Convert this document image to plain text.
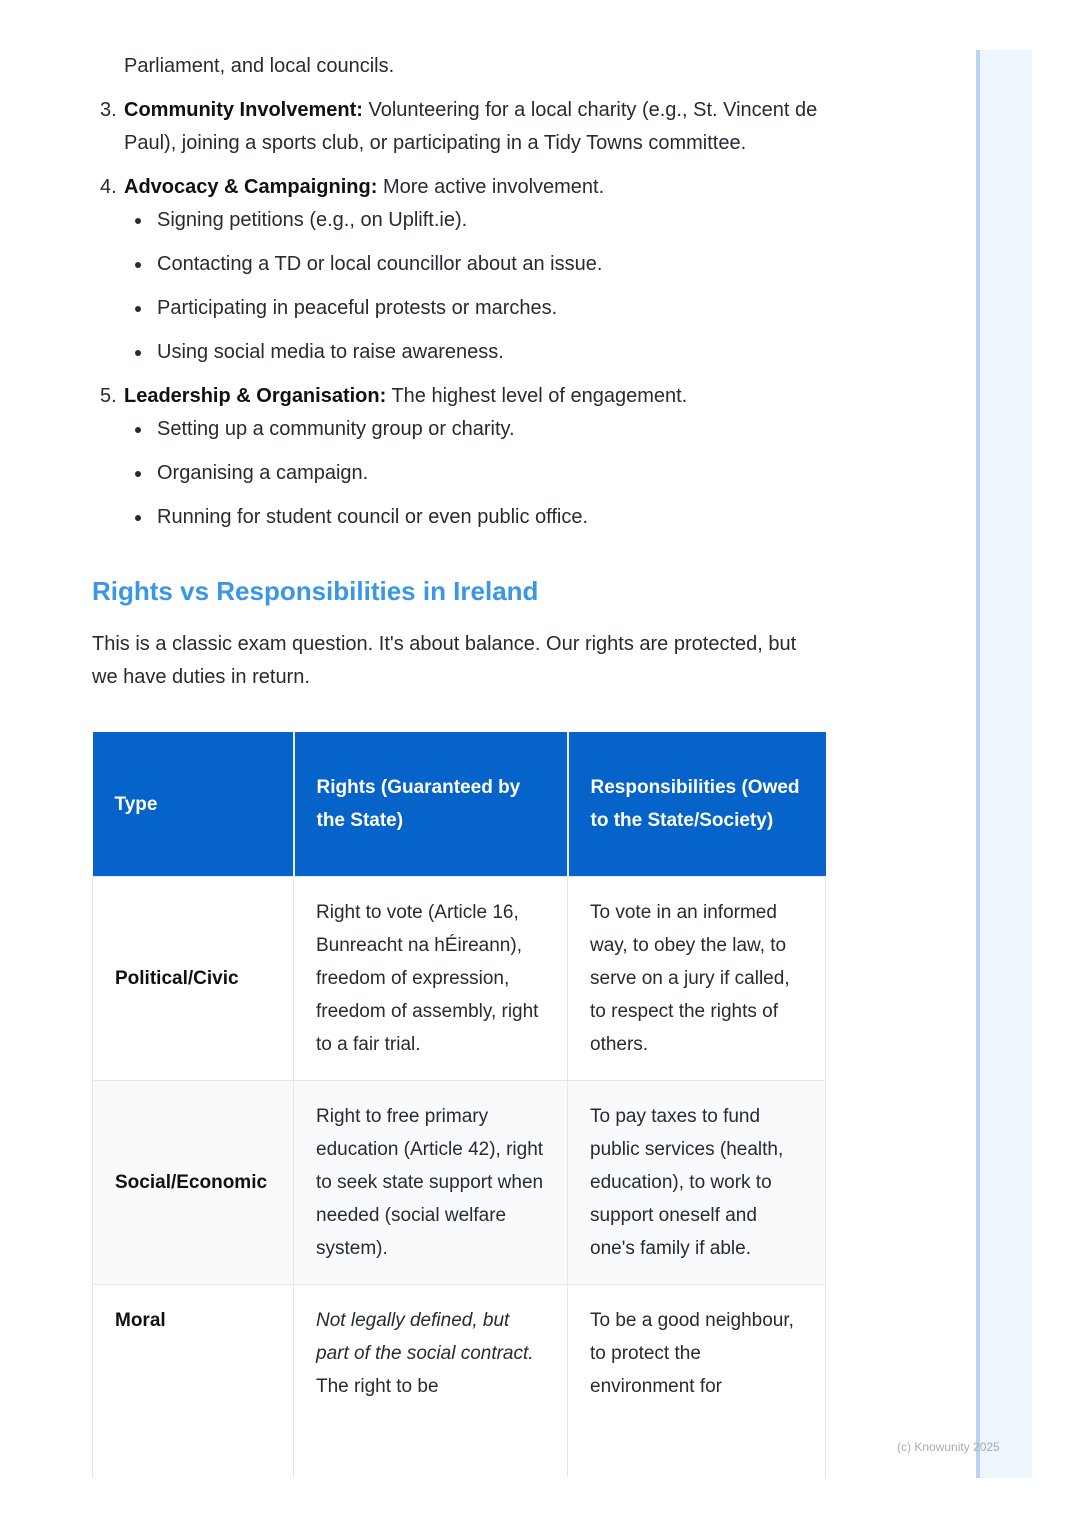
Parliament, and local councils.

3. Community Involvement: Volunteering for a local charity (e.g., St. Vincent de Paul), joining a sports club, or participating in a Tidy Towns committee.
4. Advocacy & Campaigning: More active involvement.
Signing petitions (e.g., on Uplift.ie).
Contacting a TD or local councillor about an issue.
Participating in peaceful protests or marches.
Using social media to raise awareness.
5. Leadership & Organisation: The highest level of engagement.
Setting up a community group or charity.
Organising a campaign.
Running for student council or even public office.
Rights vs Responsibilities in Ireland

This is a classic exam question. It's about balance. Our rights are protected, but we have duties in return.

Type	Rights (Guaranteed by the State)	Responsibilities (Owed to the State/Society)
Political/Civic	Right to vote (Article 16, Bunreacht na hÉireann), freedom of expression, freedom of assembly, right to a fair trial.	To vote in an informed way, to obey the law, to serve on a jury if called, to respect the rights of others.
Social/Economic	Right to free primary education (Article 42), right to seek state support when needed (social welfare system).	To pay taxes to fund public services (health, education), to work to support oneself and one's family if able.
Moral	Not legally defined, but part of the social contract. The right to be	To be a good neighbour, to protect the environment for
(c) Knowunity 2025
